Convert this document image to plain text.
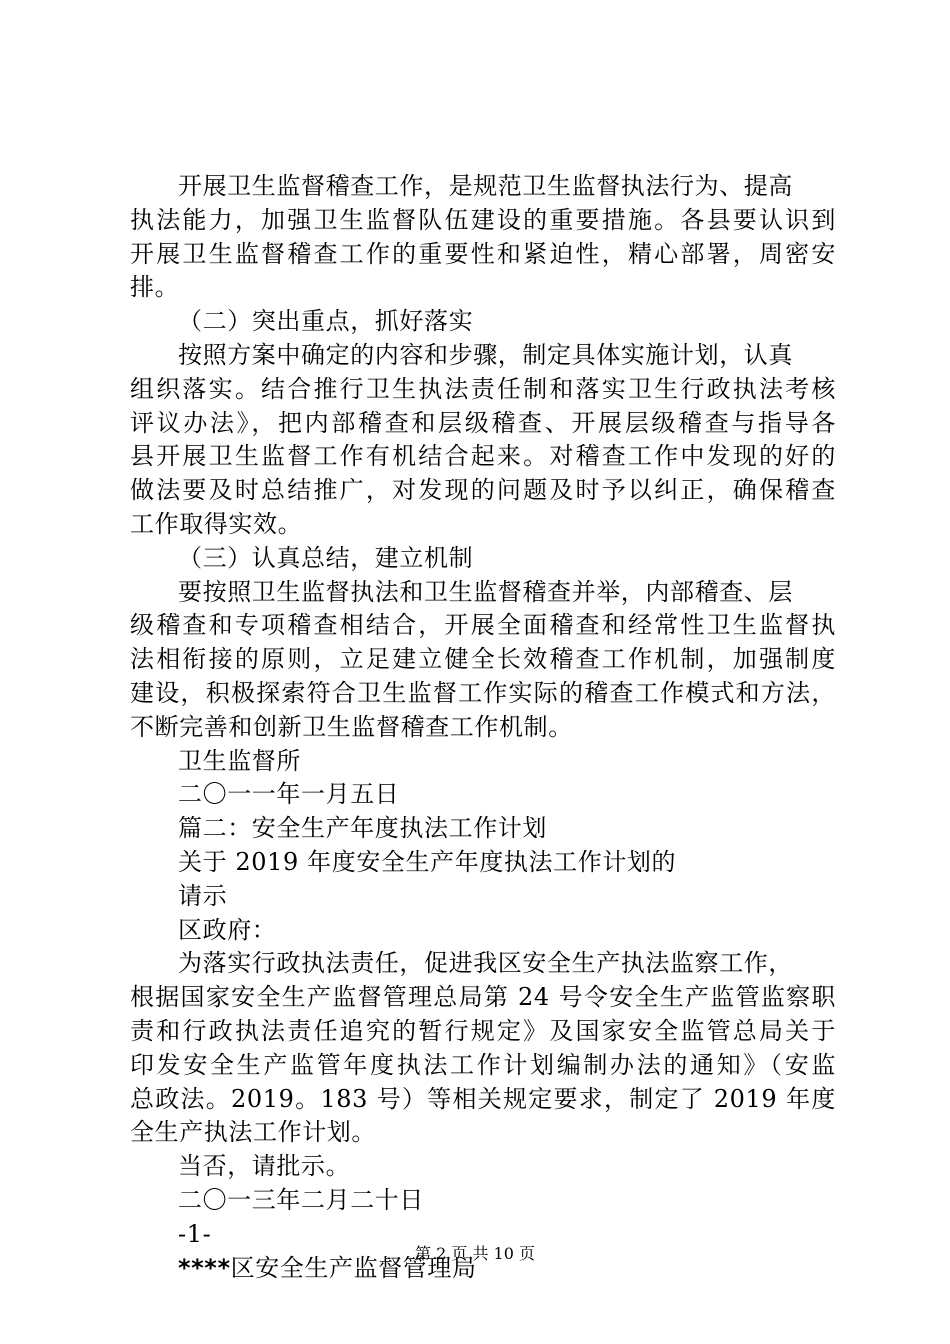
开展卫生监督稽查工作，是规范卫生监督执法行为、提高
执法能力，加强卫生监督队伍建设的重要措施。各县要认识到
开展卫生监督稽查工作的重要性和紧迫性，精心部署，周密安
排。
（二）突出重点，抓好落实
按照方案中确定的内容和步骤，制定具体实施计划，认真
组织落实。结合推行卫生执法责任制和落实卫生行政执法考核
评议办法》，把内部稽查和层级稽查、开展层级稽查与指导各
县开展卫生监督工作有机结合起来。对稽查工作中发现的好的
做法要及时总结推广，对发现的问题及时予以纠正，确保稽查
工作取得实效。
（三）认真总结，建立机制
要按照卫生监督执法和卫生监督稽查并举，内部稽查、层
级稽查和专项稽查相结合，开展全面稽查和经常性卫生监督执
法相衔接的原则，立足建立健全长效稽查工作机制，加强制度
建设，积极探索符合卫生监督工作实际的稽查工作模式和方法，
不断完善和创新卫生监督稽查工作机制。
卫生监督所
二〇一一年一月五日
篇二：安全生产年度执法工作计划
关于 2019 年度安全生产年度执法工作计划的
请示
区政府：
为落实行政执法责任，促进我区安全生产执法监察工作，
根据国家安全生产监督管理总局第 24 号令安全生产监管监察职
责和行政执法责任追究的暂行规定》及国家安全监管总局关于
印发安全生产监管年度执法工作计划编制办法的通知》（安监
总政法。2019。183 号）等相关规定要求，制定了 2019 年度
全生产执法工作计划。
当否，请批示。
二〇一三年二月二十日
-1-
****区安全生产监督管理局
第 2 页 共 10 页
